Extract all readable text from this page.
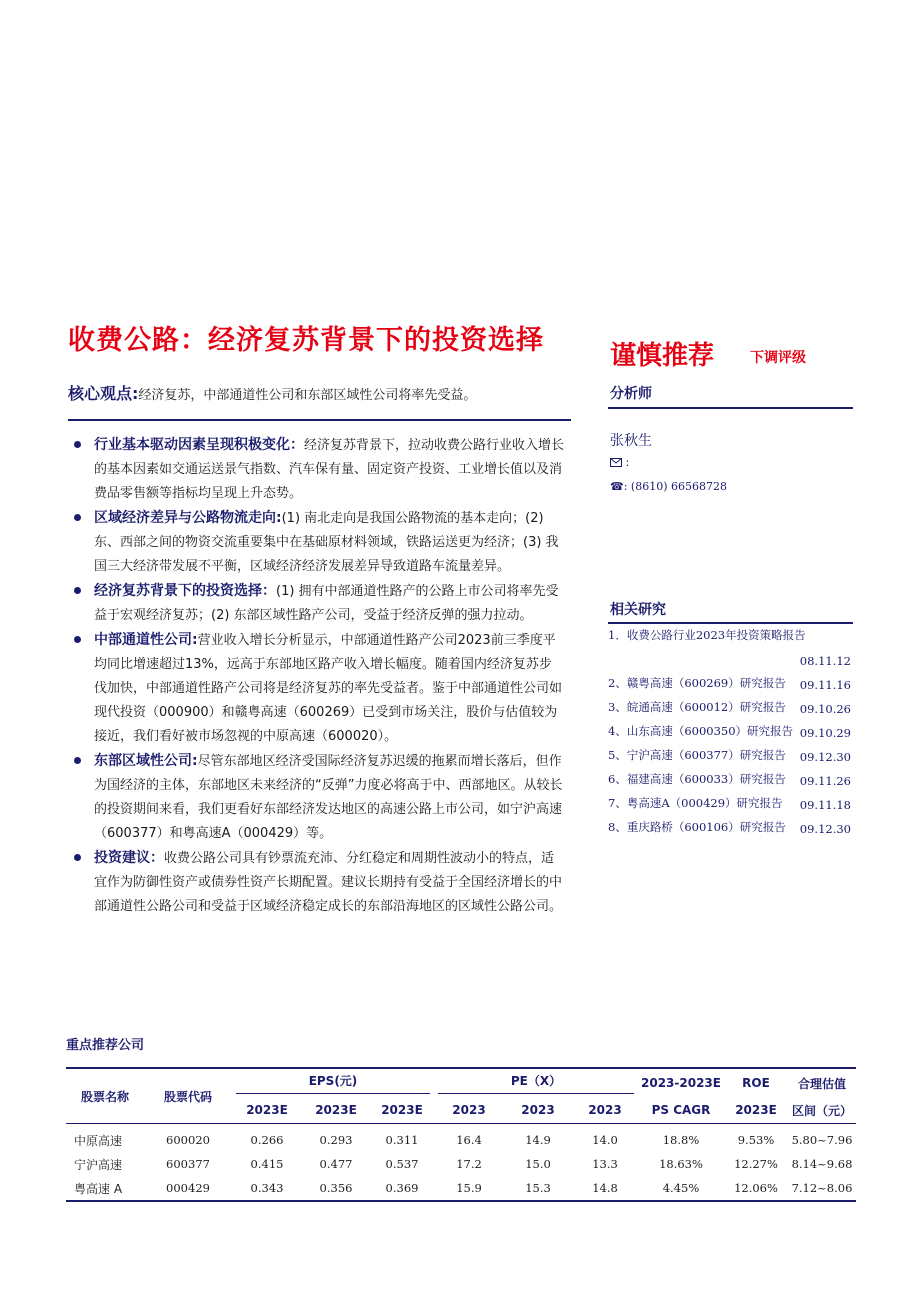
收费公路：经济复苏背景下的投资选择
核心观点:经济复苏，中部通道性公司和东部区域性公司将率先受益。
行业基本驱动因素呈现积极变化：经济复苏背景下，拉动收费公路行业收入增长的基本因素如交通运送景气指数、汽车保有量、固定资产投资、工业增长值以及消费品零售额等指标均呈现上升态势。
区域经济差异与公路物流走向:(1) 南北走向是我国公路物流的基本走向；(2) 东、西部之间的物资交流重要集中在基础原材料领域，铁路运送更为经济；(3) 我国三大经济带发展不平衡，区域经济经济发展差异导致道路车流量差异。
经济复苏背景下的投资选择：(1) 拥有中部通道性路产的公路上市公司将率先受益于宏观经济复苏；(2) 东部区域性路产公司，受益于经济反弹的强力拉动。
中部通道性公司:营业收入增长分析显示，中部通道性路产公司2023前三季度平均同比增速超过13%，远高于东部地区路产收入增长幅度。随着国内经济复苏步伐加快，中部通道性路产公司将是经济复苏的率先受益者。鉴于中部通道性公司如现代投资（000900）和赣粤高速（600269）已受到市场关注，股价与估值较为接近，我们看好被市场忽视的中原高速（600020）。
东部区域性公司:尽管东部地区经济受国际经济复苏迟缓的拖累而增长落后，但作为国经济的主体，东部地区未来经济的“反弹”力度必将高于中、西部地区。从较长的投资期间来看，我们更看好东部经济发达地区的高速公路上市公司，如宁沪高速（600377）和粤高速A（000429）等。
投资建议：收费公路公司具有钞票流充沛、分红稳定和周期性波动小的特点，适宜作为防御性资产或债券性资产长期配置。建议长期持有受益于全国经济增长的中部通道性公路公司和受益于区域经济稳定成长的东部沿海地区的区域性公路公司。
谨慎推荐	下调评级
分析师
张秋生
:
☎: (8610) 66568728
相关研究
1．收费公路行业2023年投资策略报告
08.11.12
2、赣粤高速（600269）研究报告 09.11.16
3、皖通高速（600012）研究报告 09.10.26
4、山东高速（6000350）研究报告 09.10.29
5、宁沪高速（600377）研究报告 09.12.30
6、福建高速（600033）研究报告 09.11.26
7、粤高速A（000429）研究报告 09.11.18
8、重庆路桥（600106）研究报告 09.12.30
重点推荐公司
股票名称	股票代码	EPS(元)			PE（X）			2023-2023E	ROE	合理估值
		2023E	2023E	2023E	2023	2023	2023	PS CAGR	2023E	区间（元）
中原高速	600020	0.266	0.293	0.311	16.4	14.9	14.0	18.8%	9.53%	5.80~7.96
宁沪高速	600377	0.415	0.477	0.537	17.2	15.0	13.3	18.63%	12.27%	8.14~9.68
粤高速 A	000429	0.343	0.356	0.369	15.9	15.3	14.8	4.45%	12.06%	7.12~8.06
